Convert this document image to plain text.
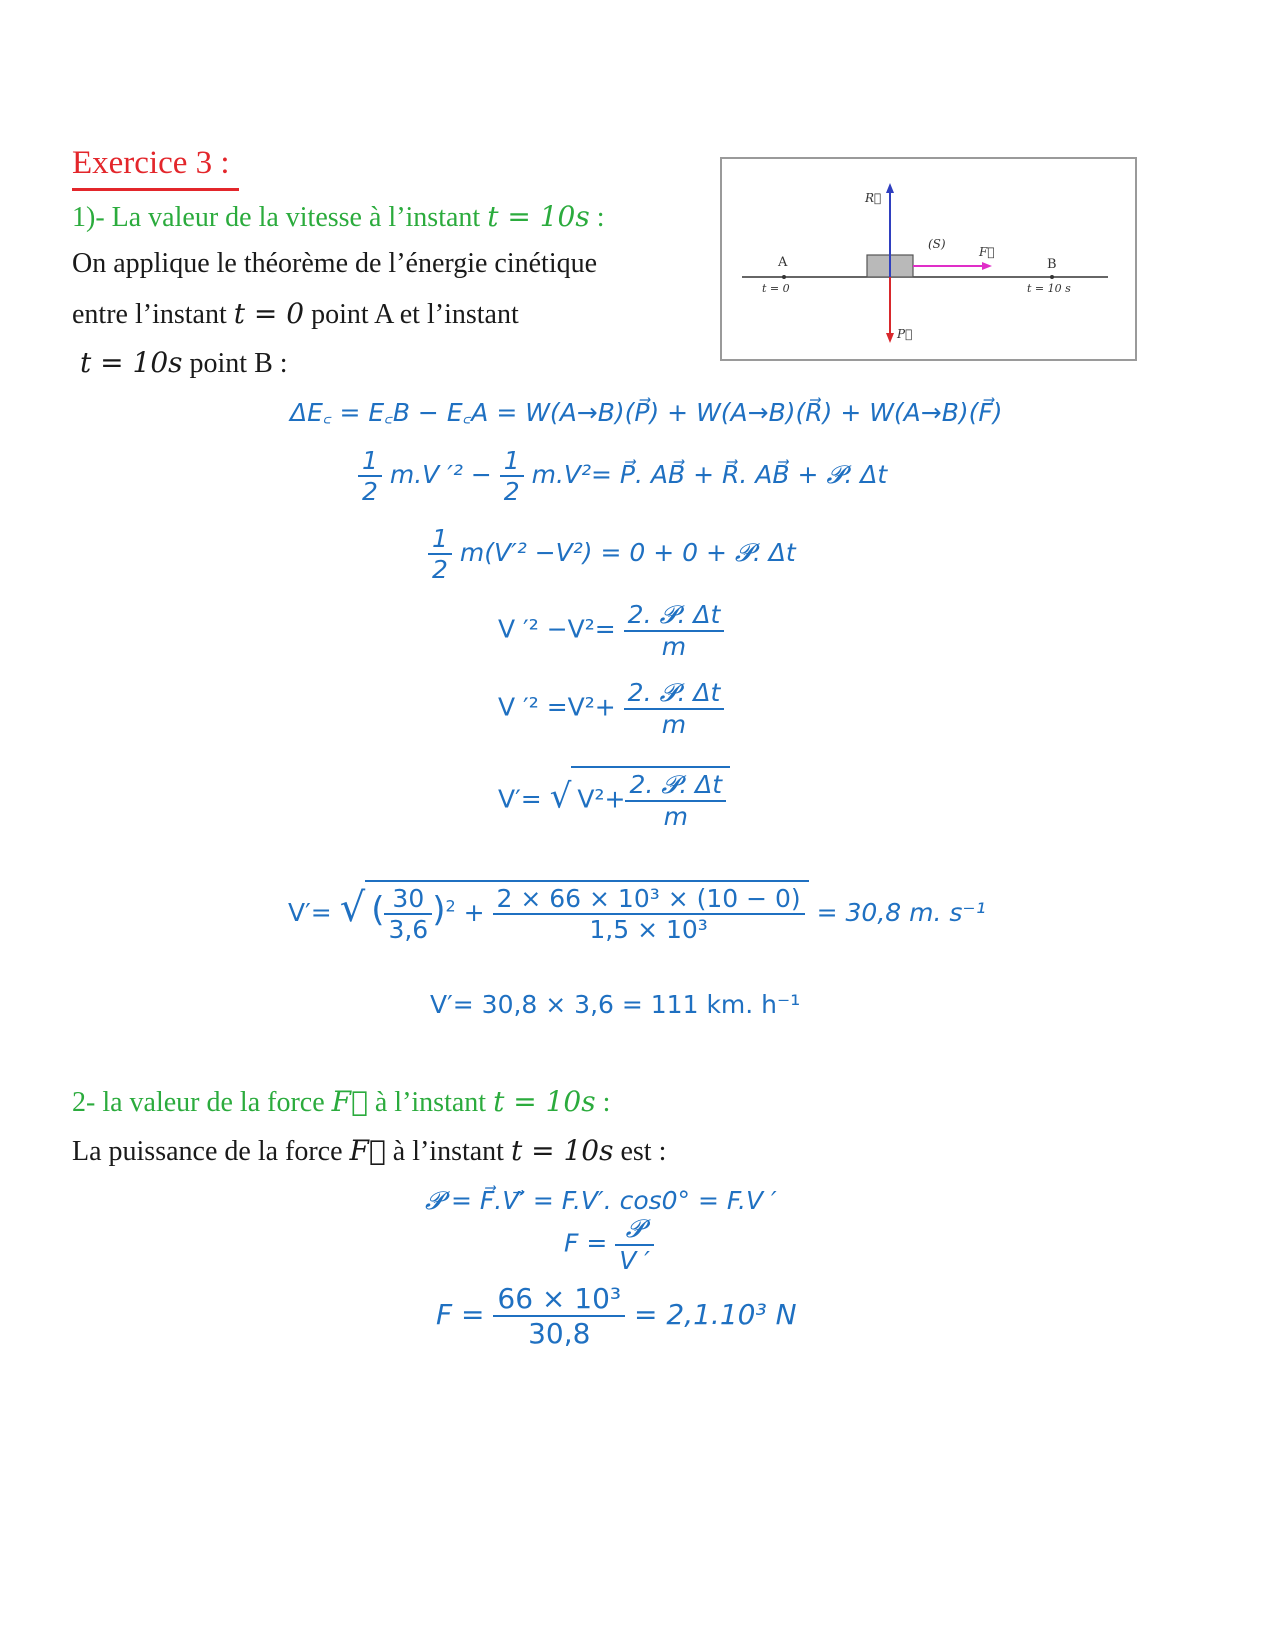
Exercice 3 :
1)- La valeur de la vitesse à l’instant t = 10s :
On applique le théorème de l’énergie cinétique
entre l’instant t = 0 point A et l’instant
t = 10s point B :
R⃗
(S)
F⃗
P⃗
A	B
t = 0	t = 10 s
ΔE꜀ = E꜀B − E꜀A = W(A→B)(P⃗) + W(A→B)(R⃗) + W(A→B)(F⃗)
$\frac{1}{2} m.V$ $'^2 - \frac{1}{2} m.V^2=$ P⃗. AB⃗ + R⃗. AB⃗ + 𝓟. Δt
$\frac{1}{2} m(V'^2 -V^2) = 0 + 0$ + 𝓟. Δt
V $'^2 -V^2= \frac{\text{2. 𝓟. Δt}}{m}$
V $'^2 =V^2+ \frac{\text{2. 𝓟. Δt}}{m}$
V′= √ $V^2+ \frac{\text{2. 𝓟. Δt}}{m}$
V′= √ ( $\frac{30}{3,6} )^2 + \frac{\text{2 × 66 × 10³ × (10 − 0)}}{\text{1,5 × 10³}} = 30,8$ m. s⁻¹
V′= 30,8 × 3,6 = 111 km. h⁻¹
2- la valeur de la force F⃗ à l’instant t = 10s :
La puissance de la force F⃗ à l’instant t = 10s est :
𝓟 = F⃗.V′⃗ = F.V′. cos0° = F.V ′
$F = \frac{\text{𝓟}}{V '}$
$F = \frac{\text{66 × 10³}}{30,8} = 2,1.10^3$ N
